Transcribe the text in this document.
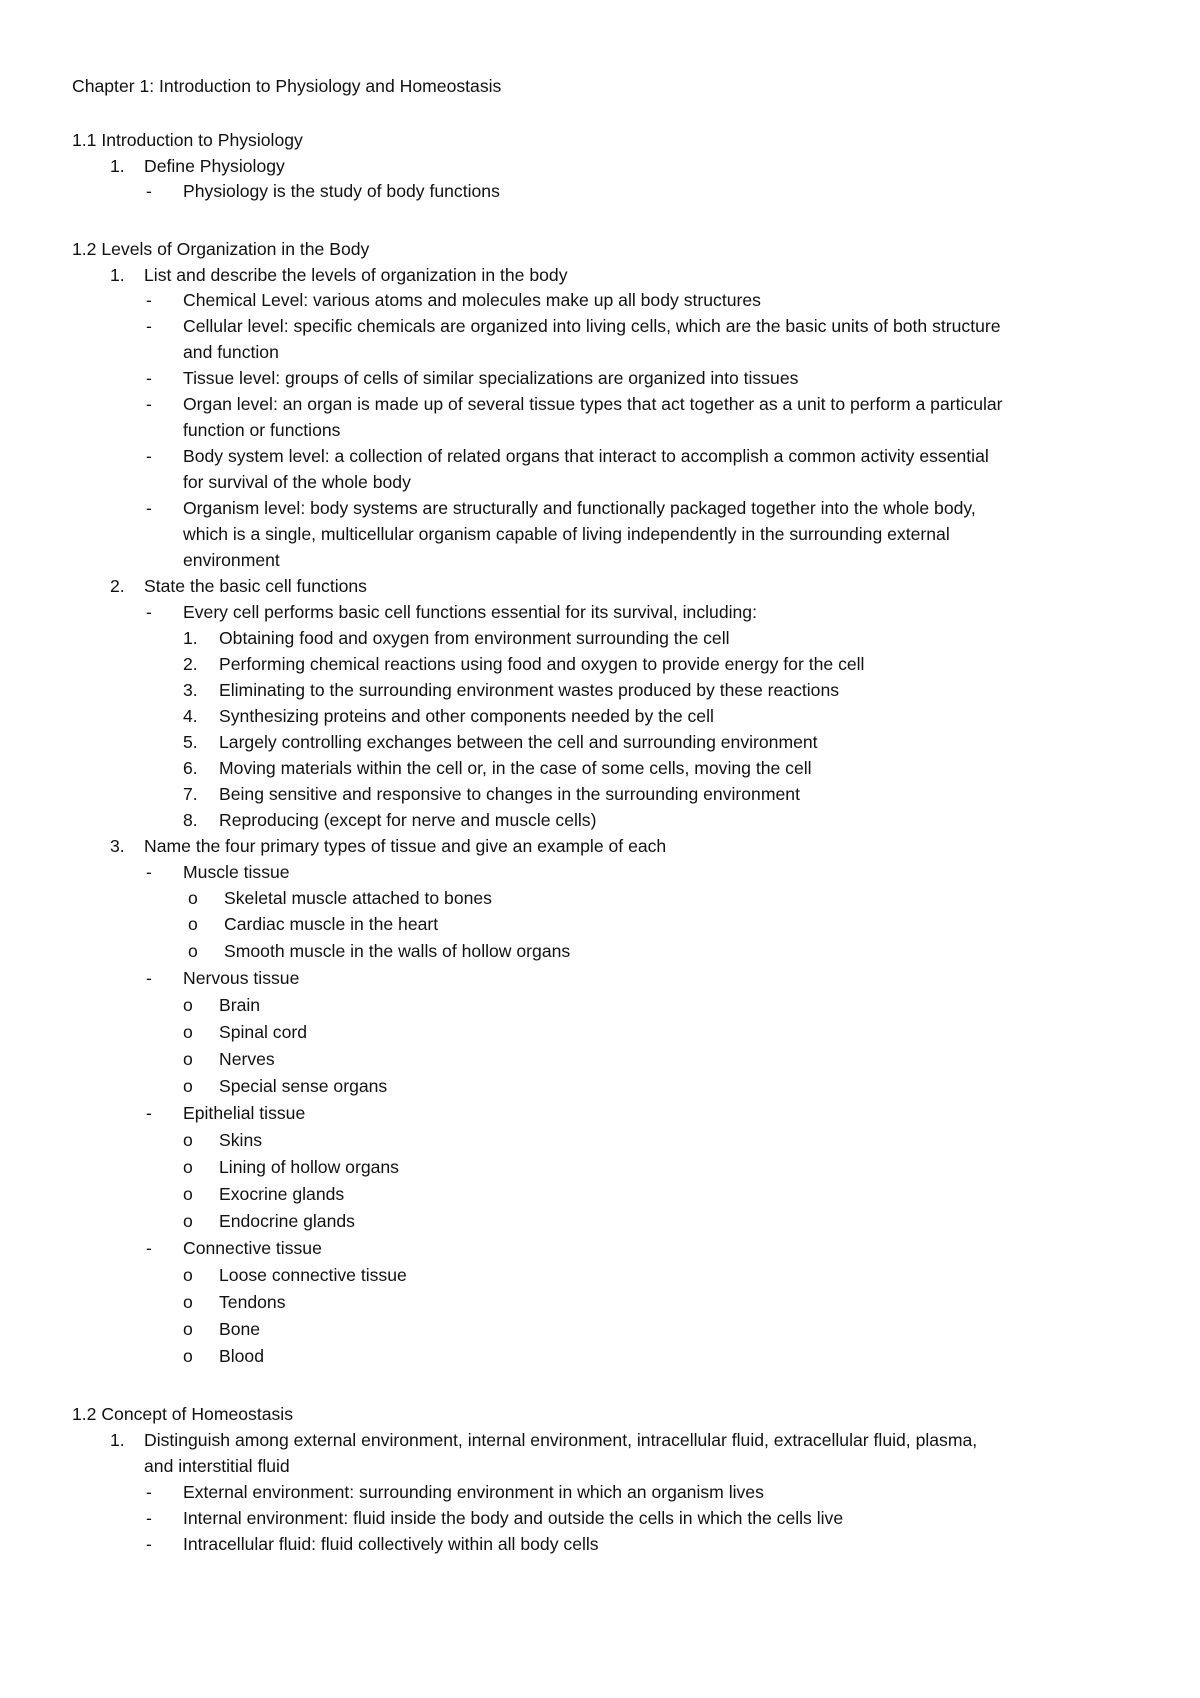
Chapter 1: Introduction to Physiology and Homeostasis
1.1 Introduction to Physiology
1. Define Physiology
- Physiology is the study of body functions
1.2 Levels of Organization in the Body
1. List and describe the levels of organization in the body
- Chemical Level: various atoms and molecules make up all body structures
- Cellular level: specific chemicals are organized into living cells, which are the basic units of both structure
and function
- Tissue level: groups of cells of similar specializations are organized into tissues
- Organ level: an organ is made up of several tissue types that act together as a unit to perform a particular
function or functions
- Body system level: a collection of related organs that interact to accomplish a common activity essential
for survival of the whole body
- Organism level: body systems are structurally and functionally packaged together into the whole body,
which is a single, multicellular organism capable of living independently in the surrounding external
environment
2. State the basic cell functions
- Every cell performs basic cell functions essential for its survival, including:
1. Obtaining food and oxygen from environment surrounding the cell
2. Performing chemical reactions using food and oxygen to provide energy for the cell
3. Eliminating to the surrounding environment wastes produced by these reactions
4. Synthesizing proteins and other components needed by the cell
5. Largely controlling exchanges between the cell and surrounding environment
6. Moving materials within the cell or, in the case of some cells, moving the cell
7. Being sensitive and responsive to changes in the surrounding environment
8. Reproducing (except for nerve and muscle cells)
3. Name the four primary types of tissue and give an example of each
- Muscle tissue
o Skeletal muscle attached to bones
o Cardiac muscle in the heart
o Smooth muscle in the walls of hollow organs
- Nervous tissue
o Brain
o Spinal cord
o Nerves
o Special sense organs
- Epithelial tissue
o Skins
o Lining of hollow organs
o Exocrine glands
o Endocrine glands
- Connective tissue
o Loose connective tissue
o Tendons
o Bone
o Blood
1.2 Concept of Homeostasis
1. Distinguish among external environment, internal environment, intracellular fluid, extracellular fluid, plasma,
and interstitial fluid
- External environment: surrounding environment in which an organism lives
- Internal environment: fluid inside the body and outside the cells in which the cells live
- Intracellular fluid: fluid collectively within all body cells
